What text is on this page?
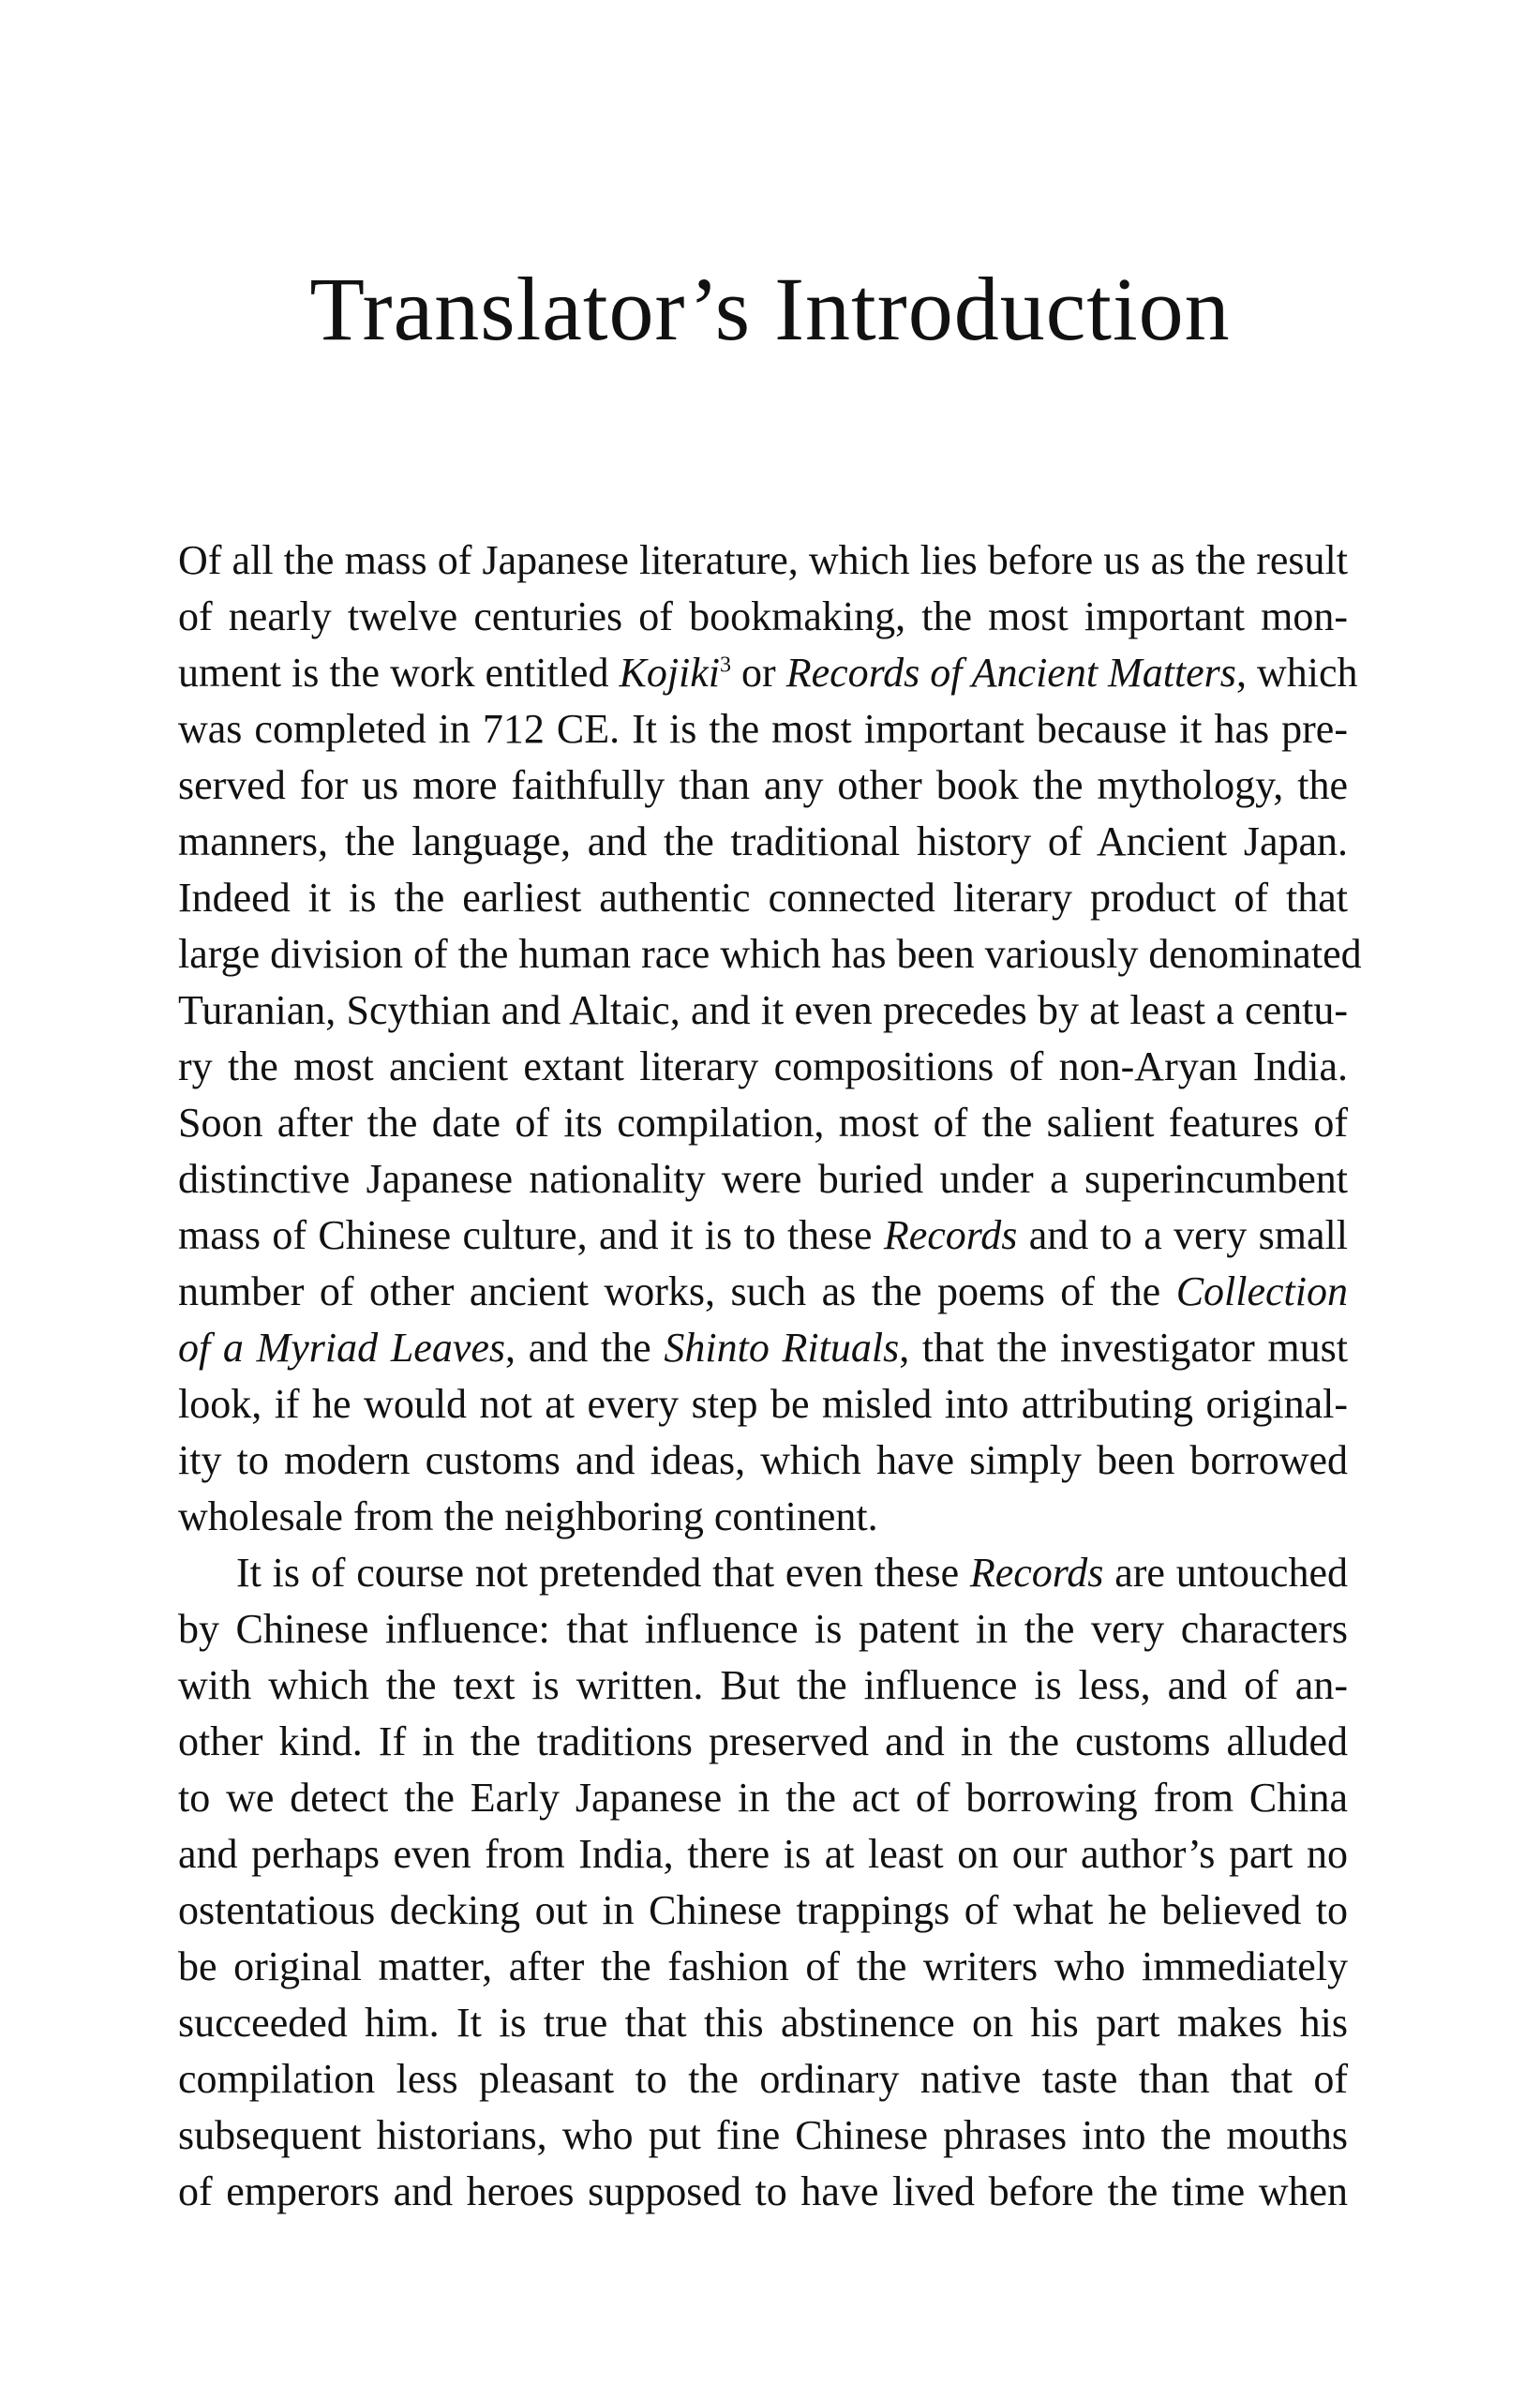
Translator’s Introduction
Of all the mass of Japanese literature, which lies before us as the result
of nearly twelve centuries of bookmaking, the most important mon-
ument is the work entitled Kojiki$^3$ or Records of Ancient Matters, which
was completed in 712 CE. It is the most important because it has pre-
served for us more faithfully than any other book the mythology, the
manners, the language, and the traditional history of Ancient Japan.
Indeed it is the earliest authentic connected literary product of that
large division of the human race which has been variously denominated
Turanian, Scythian and Altaic, and it even precedes by at least a centu-
ry the most ancient extant literary compositions of non-Aryan India.
Soon after the date of its compilation, most of the salient features of
distinctive Japanese nationality were buried under a superincumbent
mass of Chinese culture, and it is to these Records and to a very small
number of other ancient works, such as the poems of the Collection
of a Myriad Leaves, and the Shinto Rituals, that the investigator must
look, if he would not at every step be misled into attributing original-
ity to modern customs and ideas, which have simply been borrowed
wholesale from the neighboring continent.
It is of course not pretended that even these Records are untouched
by Chinese influence: that influence is patent in the very characters
with which the text is written. But the influence is less, and of an-
other kind. If in the traditions preserved and in the customs alluded
to we detect the Early Japanese in the act of borrowing from China
and perhaps even from India, there is at least on our author’s part no
ostentatious decking out in Chinese trappings of what he believed to
be original matter, after the fashion of the writers who immediately
succeeded him. It is true that this abstinence on his part makes his
compilation less pleasant to the ordinary native taste than that of
subsequent historians, who put fine Chinese phrases into the mouths
of emperors and heroes supposed to have lived before the time when
